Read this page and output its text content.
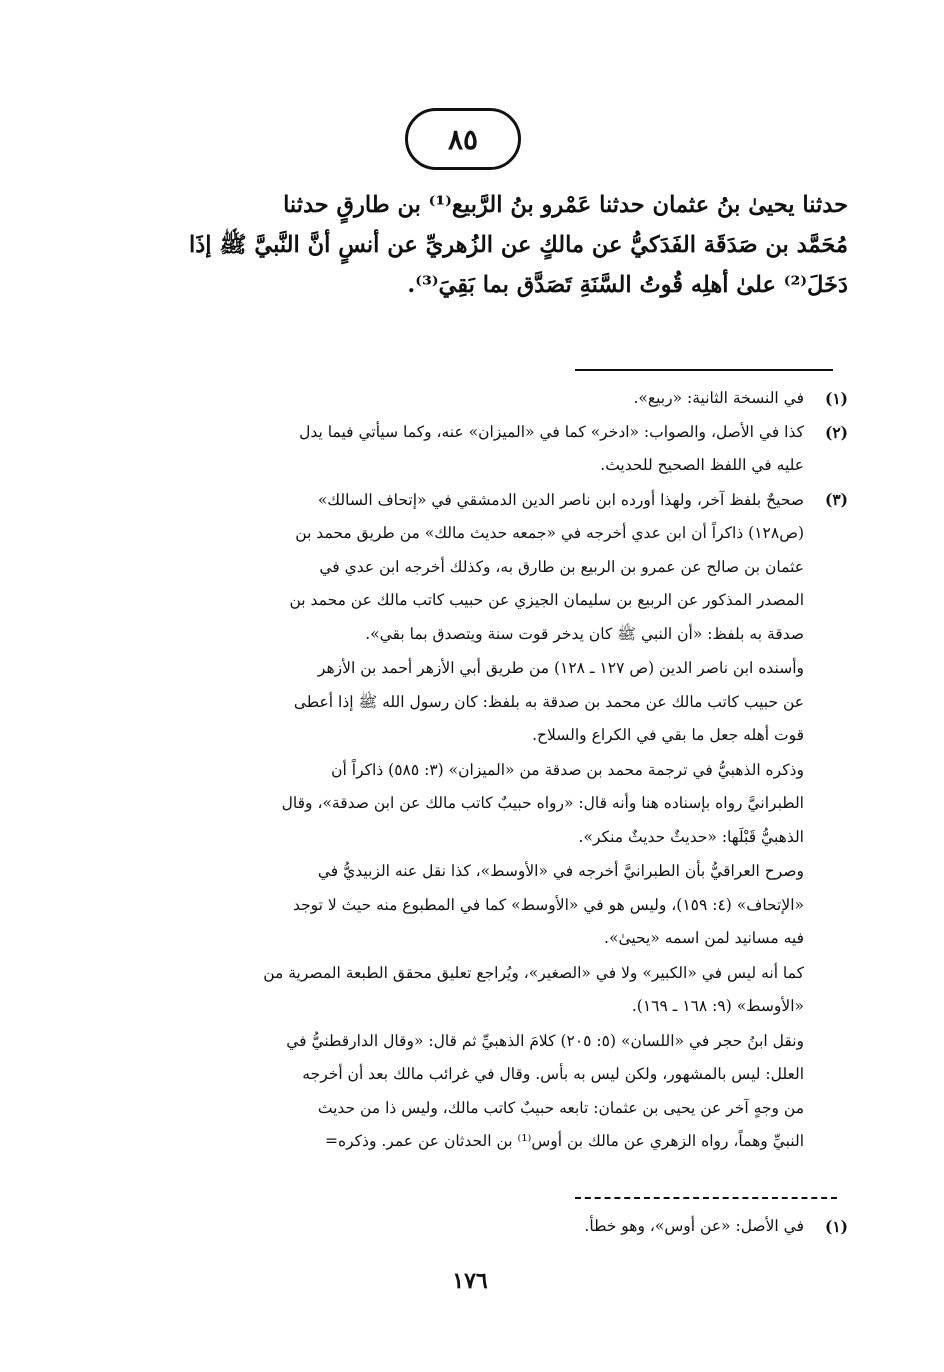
٨٥
حدثنا يحيىٰ بنُ عثمان حدثنا عَمْرو بنُ الرَّبيع⁽¹⁾ بن طارقٍ حدثنا
مُحَمَّد بن صَدَقَة الفَدَكيُّ عن مالكٍ عن الزُهريِّ عن أنسٍ أنَّ النَّبيَّ ﷺ إذَا
دَخَلَ⁽²⁾ علىٰ أهلِه قُوتُ السَّنَةِ تَصَدَّق بما بَقِيَ⁽³⁾.
(١)
في النسخة الثانية: «ربيع».
(٢)
كذا في الأصل، والصواب: «ادخر» كما في «الميزان» عنه، وكما سيأتي فيما يدل
عليه في اللفظ الصحيح للحديث.
(٣)
صحيحٌ بلفظ آخر، ولهذا أورده ابن ناصر الدين الدمشقي في «إتحاف السالك»
(ص١٢٨) ذاكراً أن ابن عدي أخرجه في «جمعه حديث مالك» من طريق محمد بن
عثمان بن صالح عن عمرو بن الربيع بن طارق به، وكذلك أخرجه ابن عدي في
المصدر المذكور عن الربيع بن سليمان الجيزي عن حبيب كاتب مالك عن محمد بن
صدقة به بلفظ: «أن النبي ﷺ كان يدخر قوت سنة ويتصدق بما بقي».
وأسنده ابن ناصر الدين (ص ١٢٧ ـ ١٢٨) من طريق أبي الأزهر أحمد بن الأزهر
عن حبيب كاتب مالك عن محمد بن صدقة به بلفظ: كان رسول الله ﷺ إذا أعطى
قوت أهله جعل ما بقي في الكراع والسلاح.
وذكره الذهبيُّ في ترجمة محمد بن صدقة من «الميزان» (٣: ٥٨٥) ذاكراً أن
الطبرانيَّ رواه بإسناده هنا وأنه قال: «رواه حبيبٌ كاتب مالك عن ابن صدقة»، وقال
الذهبيُّ قَبْلَها: «حديثٌ حديثٌ منكر».
وصرح العراقيُّ بأن الطبرانيَّ أخرجه في «الأوسط»، كذا نقل عنه الزبيديُّ في
«الإتحاف» (٤: ١٥٩)، وليس هو في «الأوسط» كما في المطبوع منه حيث لا توجد
فيه مسانيد لمن اسمه «يحيىٰ».
كما أنه ليس في «الكبير» ولا في «الصغير»، ويُراجع تعليق محقق الطبعة المصرية من
«الأوسط» (٩: ١٦٨ ـ ١٦٩).
ونقل ابنُ حجر في «اللسان» (٥: ٢٠٥) كلامَ الذهبيِّ ثم قال: «وقال الدارقطنيُّ في
العلل: ليس بالمشهور، ولكن ليس به بأس. وقال في غرائب مالك بعد أن أخرجه
من وجهٍ آخر عن يحيى بن عثمان: تابعه حبيبٌ كاتب مالك، وليس ذا من حديث
النبيِّ وهماً، رواه الزهري عن مالك بن أوس⁽¹⁾ بن الحدثان عن عمر. وذكره=
(١)
في الأصل: «عن أوس»، وهو خطأ.
١٧٦
